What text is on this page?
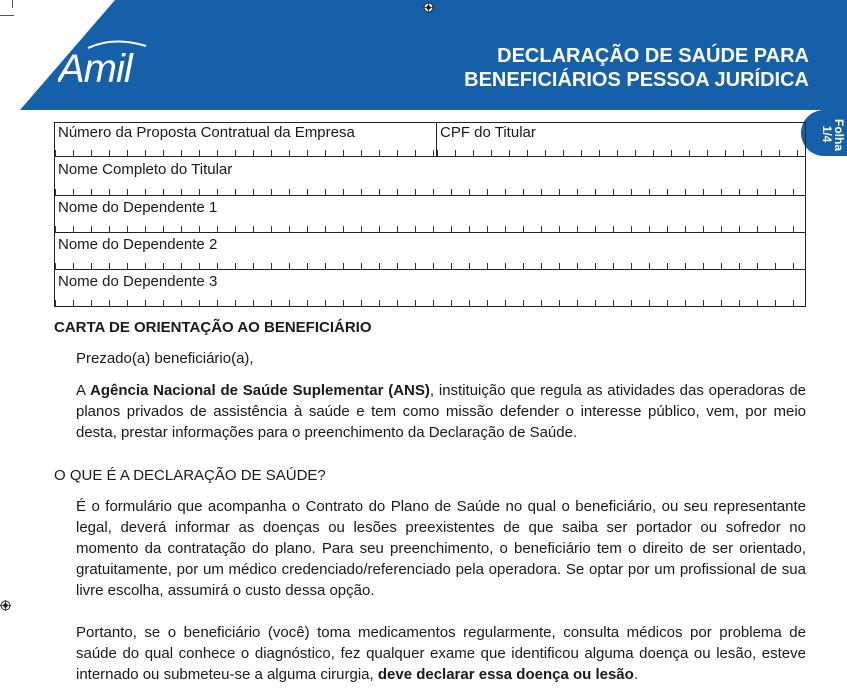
Amil	DECLARAÇÃO DE SAÚDE PARA
BENEFICIÁRIOS PESSOA JURÍDICA
Folha 1/4
Número da Proposta Contratual da Empresa	CPF do Titular
Nome Completo do Titular
Nome do Dependente 1
Nome do Dependente 2
Nome do Dependente 3
CARTA DE ORIENTAÇÃO AO BENEFICIÁRIO
Prezado(a) beneficiário(a),
A Agência Nacional de Saúde Suplementar (ANS), instituição que regula as atividades das operadoras de planos privados de assistência à saúde e tem como missão defender o interesse público, vem, por meio desta, prestar informações para o preenchimento da Declaração de Saúde.
O QUE É A DECLARAÇÃO DE SAÚDE?
É o formulário que acompanha o Contrato do Plano de Saúde no qual o beneficiário, ou seu representante legal, deverá informar as doenças ou lesões preexistentes de que saiba ser portador ou sofredor no momento da contratação do plano. Para seu preenchimento, o beneficiário tem o direito de ser orientado, gratuitamente, por um médico credenciado/referenciado pela operadora. Se optar por um profissional de sua livre escolha, assumirá o custo dessa opção.
Portanto, se o beneficiário (você) toma medicamentos regularmente, consulta médicos por problema de saúde do qual conhece o diagnóstico, fez qualquer exame que identificou alguma doença ou lesão, esteve internado ou submeteu-se a alguma cirurgia, deve declarar essa doença ou lesão.
